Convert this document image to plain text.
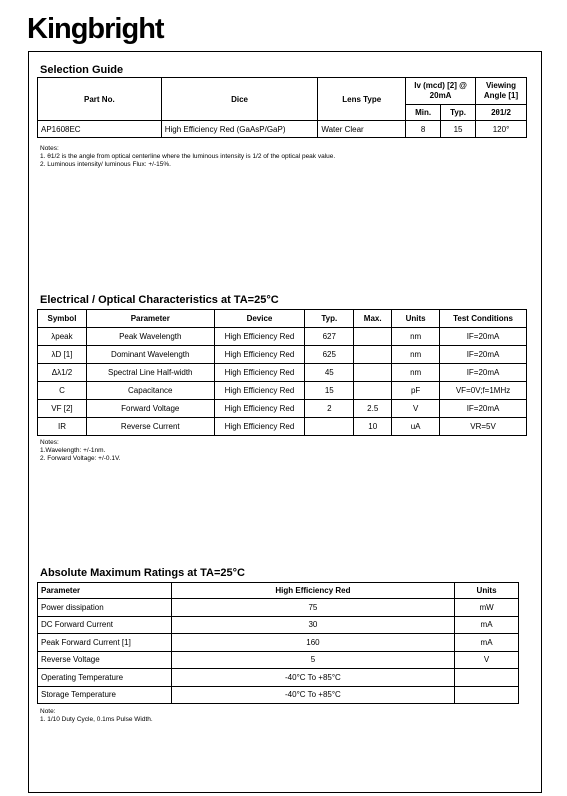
Kingbright
Selection Guide
Part No.	Dice	Lens Type	Iv (mcd) [2] @ 20mA		Viewing Angle [1]
			Min.	Typ.	2θ1/2
AP1608EC	High Efficiency Red (GaAsP/GaP)	Water Clear	8	15	120°
Notes:
1. θ1/2 is the angle from optical centerline where the luminous intensity is 1/2 of the optical peak value.
2. Luminous intensity/ luminous Flux: +/-15%.
Electrical / Optical Characteristics at TA=25°C
Symbol	Parameter	Device	Typ.	Max.	Units	Test Conditions
λpeak	Peak Wavelength	High Efficiency Red	627		nm	IF=20mA
λD [1]	Dominant Wavelength	High Efficiency Red	625		nm	IF=20mA
Δλ1/2	Spectral Line Half-width	High Efficiency Red	45		nm	IF=20mA
C	Capacitance	High Efficiency Red	15		pF	VF=0V;f=1MHz
VF [2]	Forward Voltage	High Efficiency Red	2	2.5	V	IF=20mA
IR	Reverse Current	High Efficiency Red		10	uA	VR=5V
Notes:
1.Wavelength: +/-1nm.
2. Forward Voltage: +/-0.1V.
Absolute Maximum Ratings at TA=25°C
Parameter	High Efficiency Red	Units
Power dissipation	75	mW
DC Forward Current	30	mA
Peak Forward Current [1]	160	mA
Reverse Voltage	5	V
Operating Temperature	-40°C To +85°C	
Storage Temperature	-40°C To +85°C	
Note:
1. 1/10 Duty Cycle, 0.1ms Pulse Width.
